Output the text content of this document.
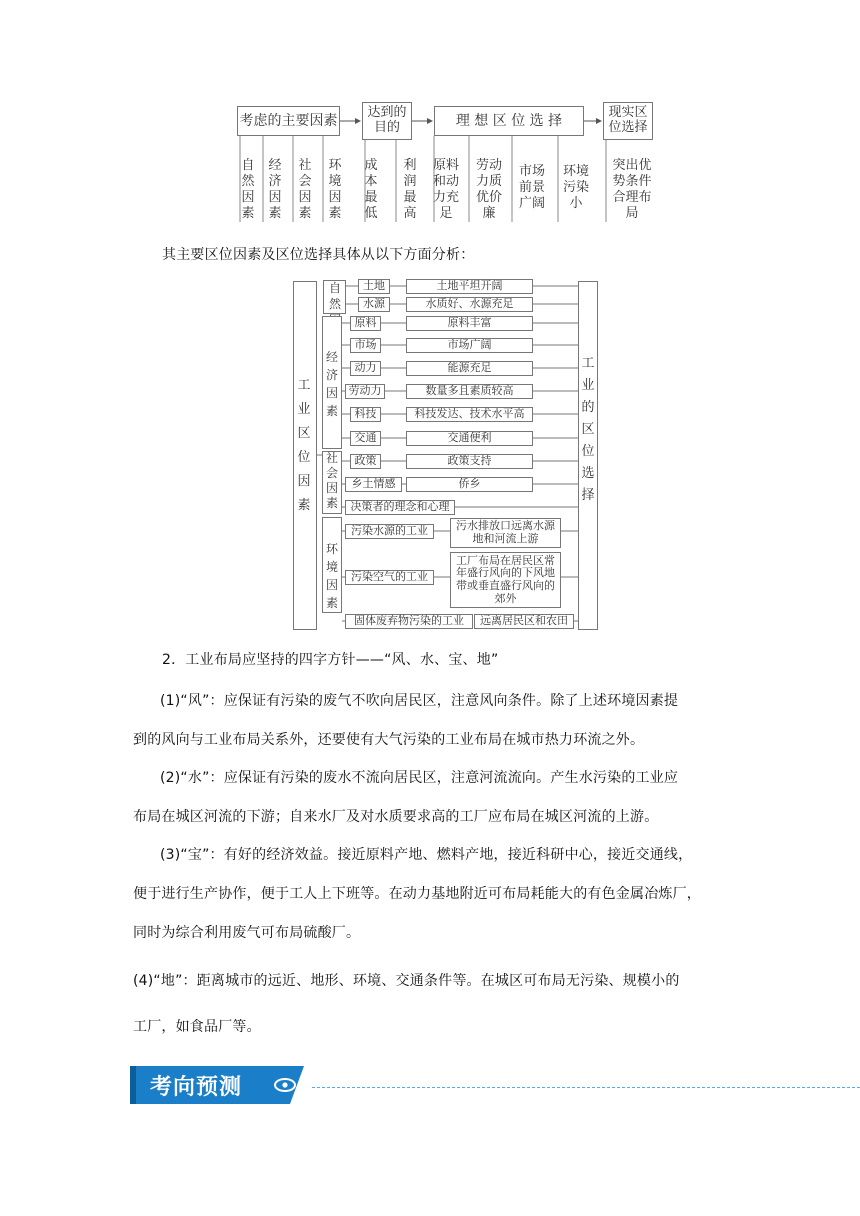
考虑的主要因素
达到的目的	理 想 区 位 选 择
现实区位选择
自然因素
经济因素
社会因素
环境因素
成本最低
利润最高
原料和动力充足
劳动力质优价廉
市场前景广阔
环境污染小
突出优势条件合理布局
其主要区位因素及区位选择具体从以下方面分析：
工业区位因素
工业的区位选择
自然
经济因素
社会因素
环境因素
土地
水源
原料
市场
动力
劳动力
科技
交通
政策
乡土情感
决策者的理念和心理
土地平坦开阔
水质好、水源充足
原料丰富
市场广阔
能源充足
数量多且素质较高
科技发达、技术水平高
交通便利
政策支持
侨乡
污染水源的工业	污水排放口远离水源地和河流上游
污染空气的工业
工厂布局在居民区常年盛行风向的下风地带或垂直盛行风向的郊外
固体废弃物污染的工业	远离居民区和农田
2．工业布局应坚持的四字方针——“风、水、宝、地”
(1)“风”：应保证有污染的废气不吹向居民区，注意风向条件。除了上述环境因素提
到的风向与工业布局关系外，还要使有大气污染的工业布局在城市热力环流之外。
(2)“水”：应保证有污染的废水不流向居民区，注意河流流向。产生水污染的工业应
布局在城区河流的下游；自来水厂及对水质要求高的工厂应布局在城区河流的上游。
(3)“宝”：有好的经济效益。接近原料产地、燃料产地，接近科研中心，接近交通线，
便于进行生产协作，便于工人上下班等。在动力基地附近可布局耗能大的有色金属冶炼厂，
同时为综合利用废气可布局硫酸厂。
(4)“地”：距离城市的远近、地形、环境、交通条件等。在城区可布局无污染、规模小的
工厂，如食品厂等。
考向预测
